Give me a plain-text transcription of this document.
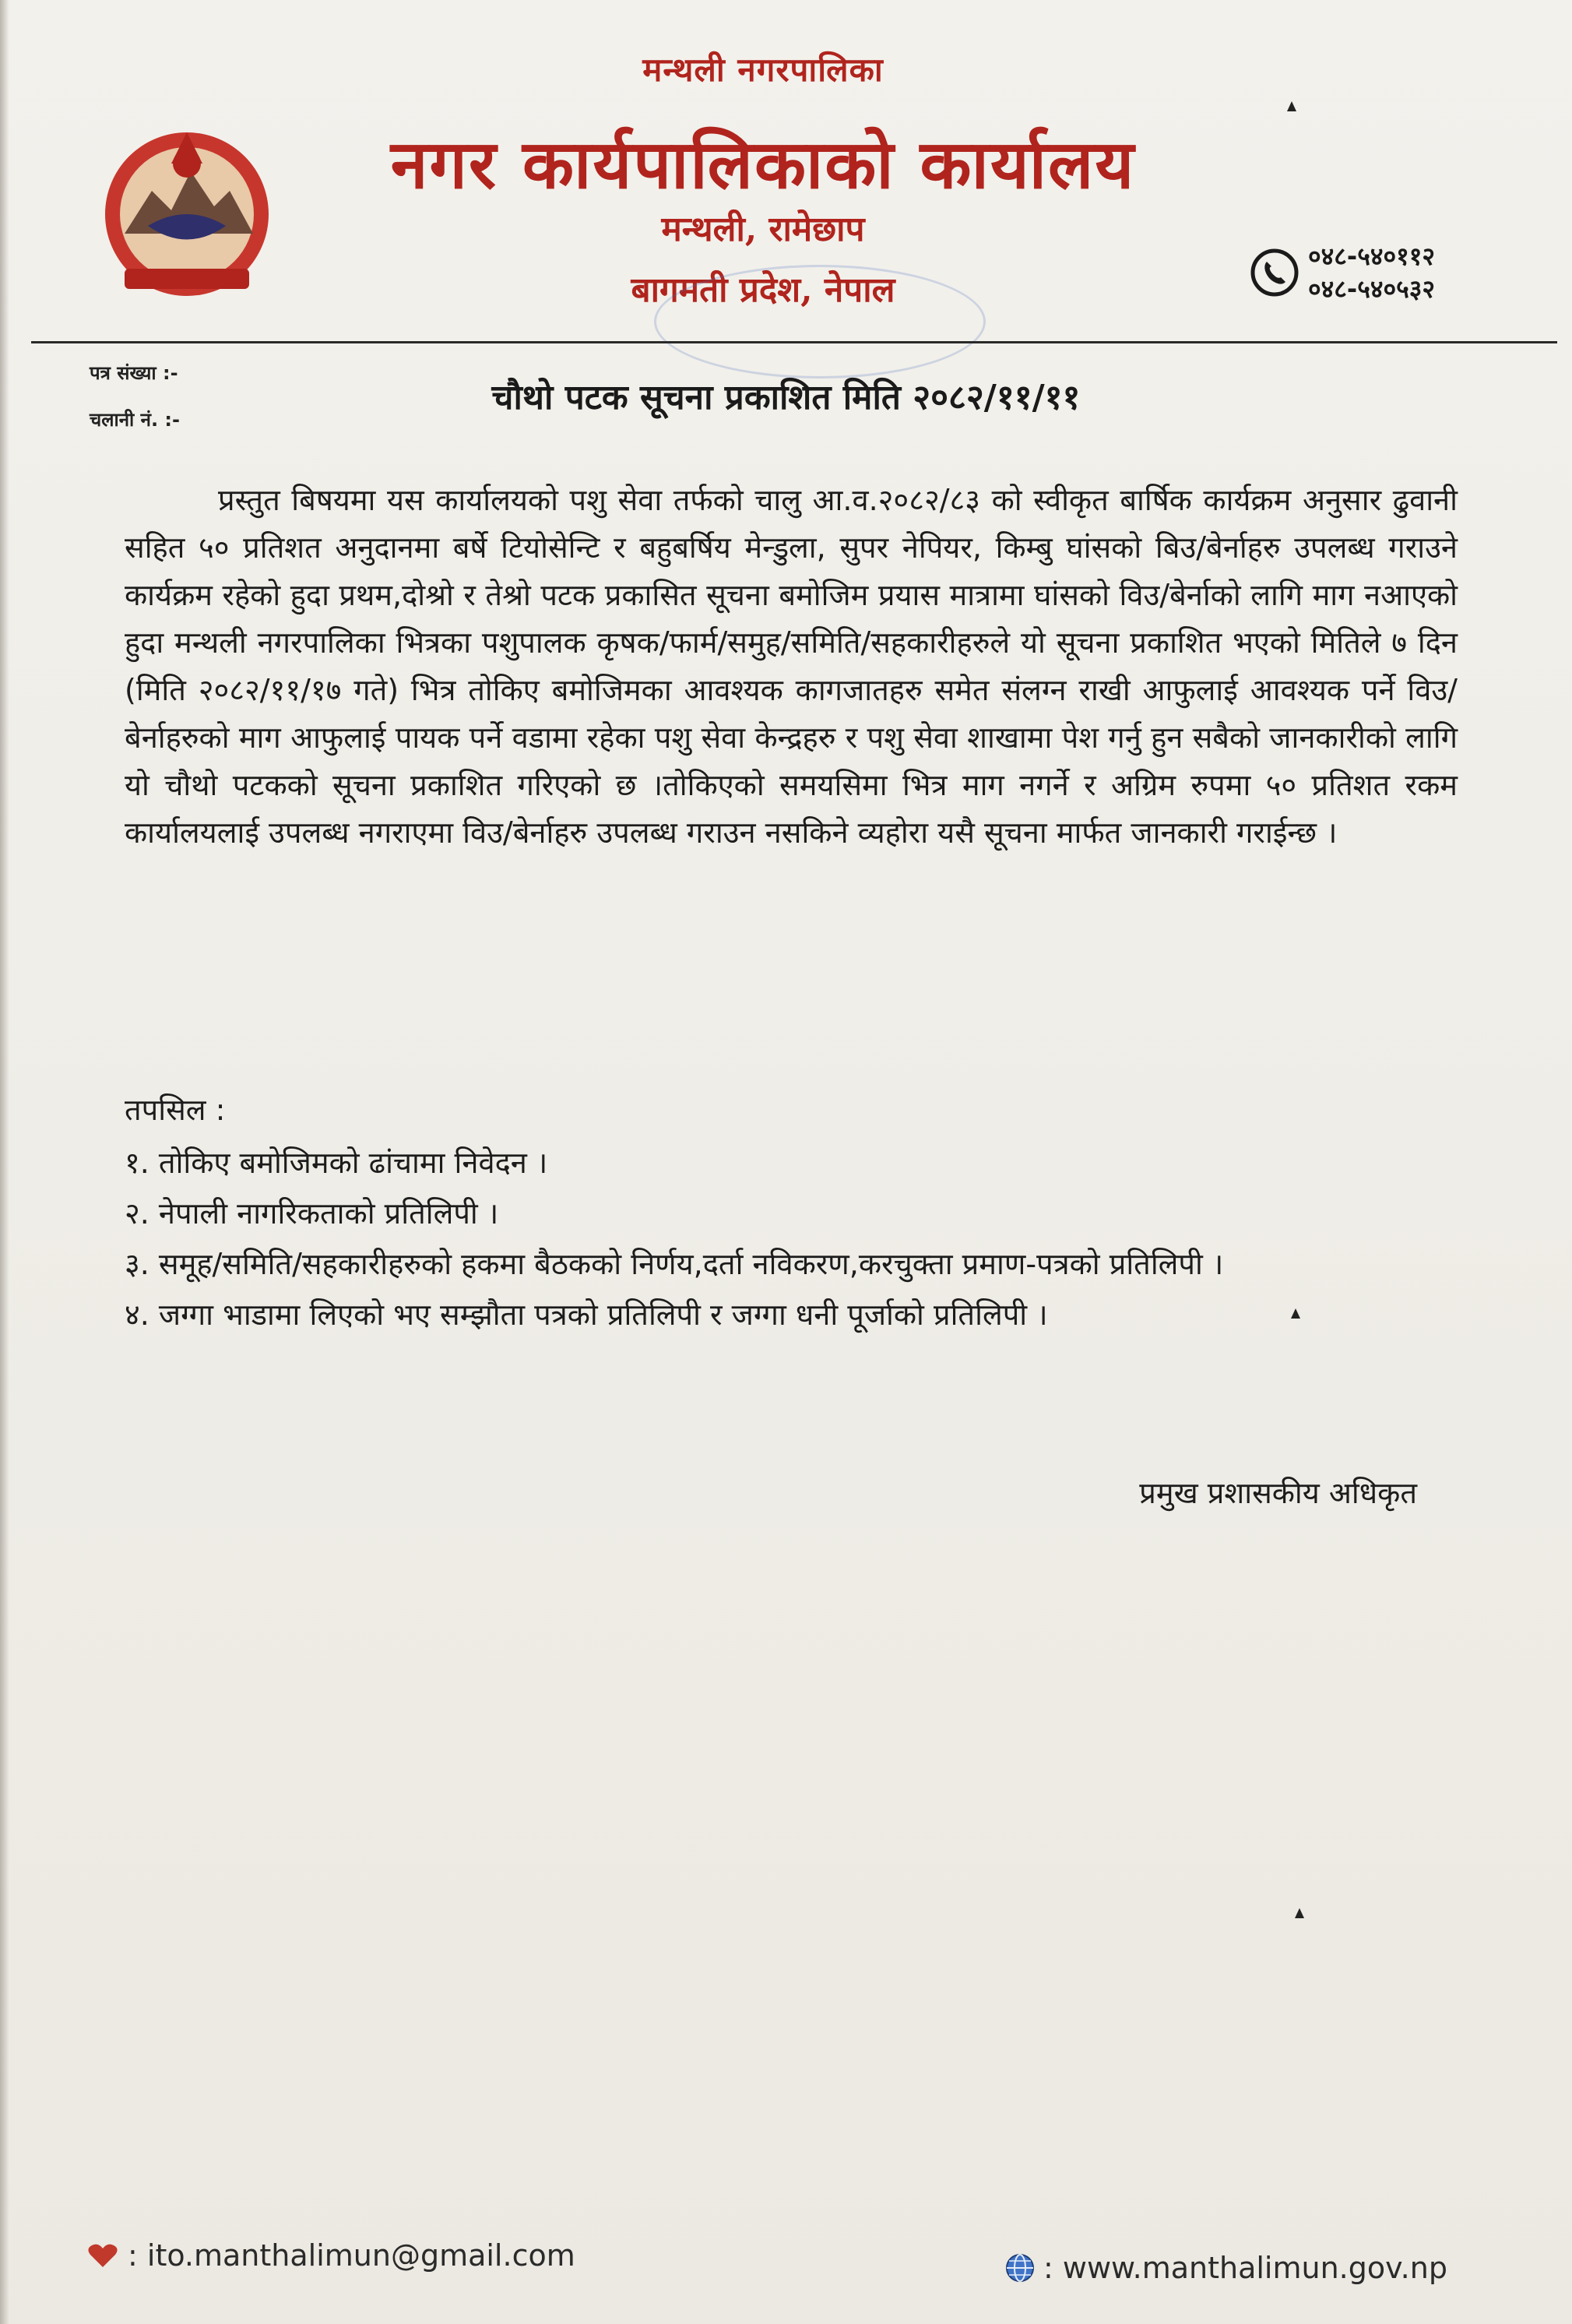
मन्थली नगरपालिका
नगर कार्यपालिकाको कार्यालय
मन्थली, रामेछाप
बागमती प्रदेश, नेपाल
०४८-५४०११२
०४८-५४०५३२
पत्र संख्या :-
चलानी नं. :-
चौथो पटक सूचना प्रकाशित मिति २०८२/११/११
प्रस्तुत बिषयमा यस कार्यालयको पशु सेवा तर्फको चालु आ.व.२०८२/८३ को स्वीकृत बार्षिक कार्यक्रम अनुसार ढुवानी सहित ५० प्रतिशत अनुदानमा बर्षे टियोसेन्टि र बहुबर्षिय मेन्डुला, सुपर नेपियर, किम्बु घांसको बिउ/बेर्नाहरु उपलब्ध गराउने कार्यक्रम रहेको हुदा प्रथम,दोश्रो र तेश्रो पटक प्रकासित सूचना बमोजिम प्रयास मात्रामा घांसको विउ/बेर्नाको लागि माग नआएको हुदा मन्थली नगरपालिका भित्रका पशुपालक कृषक/फार्म/समुह/समिति/सहकारीहरुले यो सूचना प्रकाशित भएको मितिले ७ दिन (मिति २०८२/११/१७ गते) भित्र तोकिए बमोजिमका आवश्यक कागजातहरु समेत संलग्न राखी आफुलाई आवश्यक पर्ने विउ/बेर्नाहरुको माग आफुलाई पायक पर्ने वडामा रहेका पशु सेवा केन्द्रहरु र पशु सेवा शाखामा पेश गर्नु हुन सबैको जानकारीको लागि यो चौथो पटकको सूचना प्रकाशित गरिएको छ ।तोकिएको समयसिमा भित्र माग नगर्ने र अग्रिम रुपमा ५० प्रतिशत रकम कार्यालयलाई उपलब्ध नगराएमा विउ/बेर्नाहरु उपलब्ध गराउन नसकिने व्यहोरा यसै सूचना मार्फत जानकारी गराईन्छ ।
तपसिल :
१. तोकिए बमोजिमको ढांचामा निवेदन ।
२. नेपाली नागरिकताको प्रतिलिपी ।
३. समूह/समिति/सहकारीहरुको हकमा बैठकको निर्णय,दर्ता नविकरण,करचुक्ता प्रमाण-पत्रको प्रतिलिपी ।
४. जग्गा भाडामा लिएको भए सम्झौता पत्रको प्रतिलिपी र जग्गा धनी पूर्जाको प्रतिलिपी ।
प्रमुख प्रशासकीय अधिकृत
: ito.manthalimun@gmail.com	: www.manthalimun.gov.np
